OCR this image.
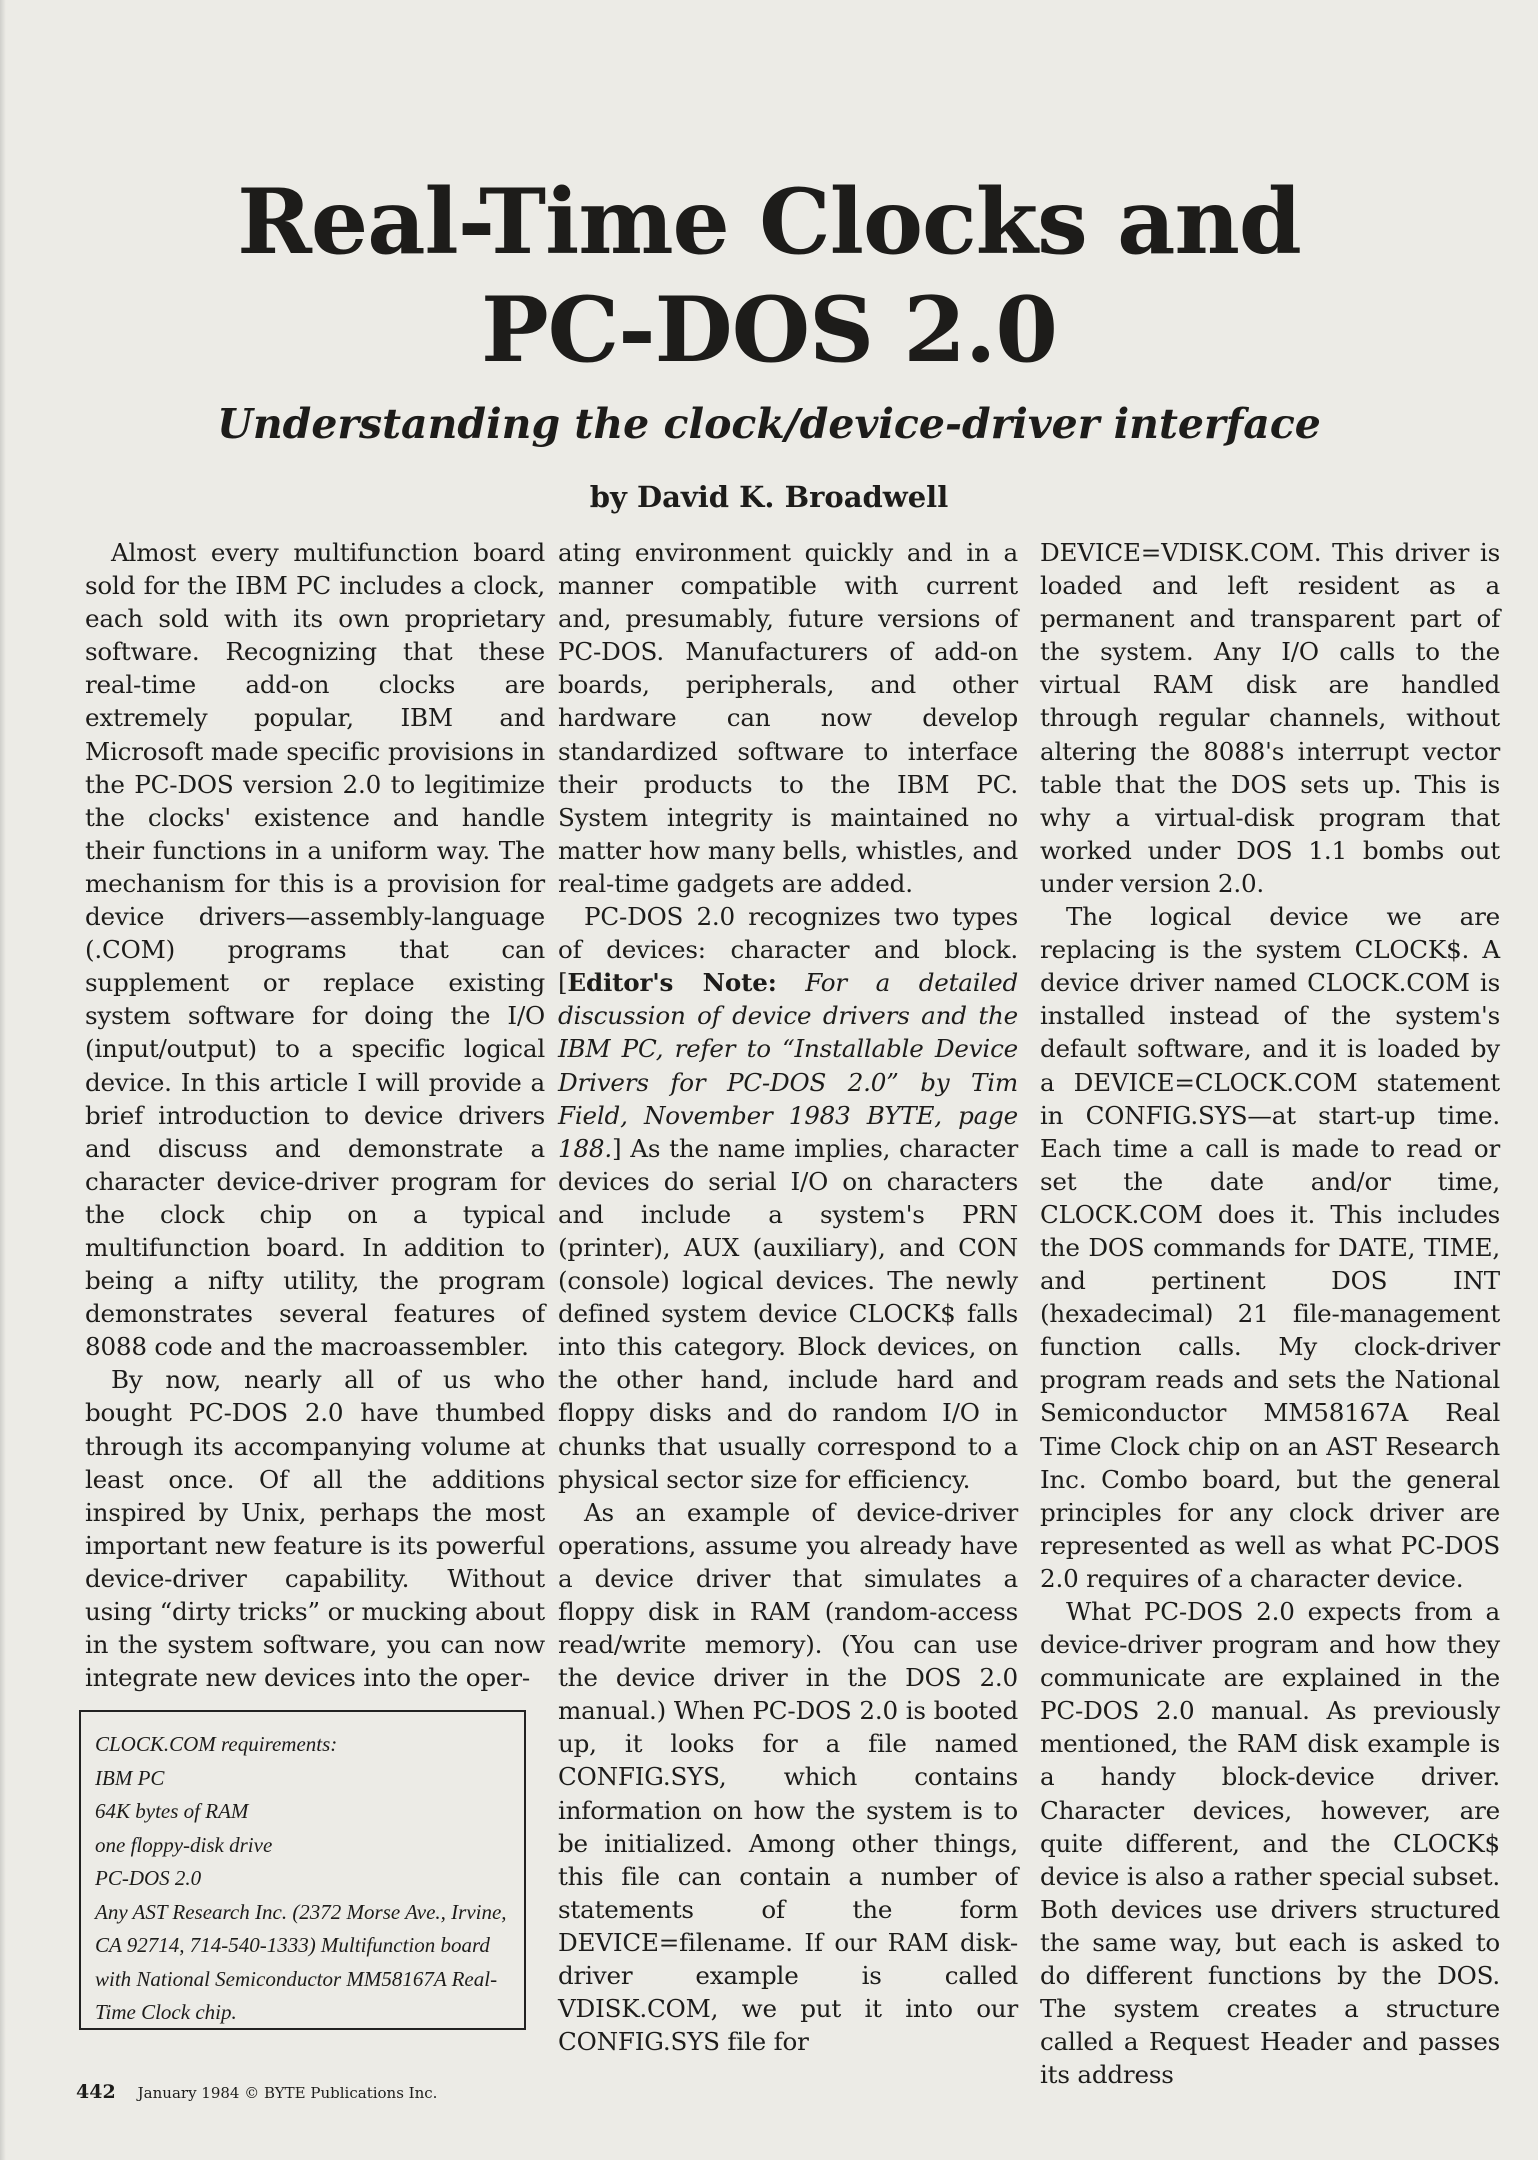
Real-Time Clocks and
PC-DOS 2.0
Understanding the clock/device-driver interface
by David K. Broadwell

Almost every multifunction board sold for the IBM PC includes a clock, each sold with its own proprietary software. Recognizing that these real-time add-on clocks are extremely popular, IBM and Microsoft made specific provisions in the PC-DOS version 2.0 to legitimize the clocks' existence and handle their functions in a uniform way. The mechanism for this is a provision for device drivers—assembly-language (.COM) programs that can supplement or replace existing system software for doing the I/O (input/output) to a specific logical device. In this article I will provide a brief introduction to device drivers and discuss and demonstrate a character device-driver program for the clock chip on a typical multifunction board. In addition to being a nifty utility, the program demonstrates several features of 8088 code and the macroassembler.

By now, nearly all of us who bought PC-DOS 2.0 have thumbed through its accompanying volume at least once. Of all the additions inspired by Unix, perhaps the most important new feature is its powerful device-driver capability. Without using “dirty tricks” or mucking about in the system software, you can now integrate new devices into the oper-

ating environment quickly and in a manner compatible with current and, presumably, future versions of PC-DOS. Manufacturers of add-on boards, peripherals, and other hardware can now develop standardized software to interface their products to the IBM PC. System integrity is maintained no matter how many bells, whistles, and real-time gadgets are added.

PC-DOS 2.0 recognizes two types of devices: character and block. [Editor's Note: For a detailed discussion of device drivers and the IBM PC, refer to “Installable Device Drivers for PC-DOS 2.0” by Tim Field, November 1983 BYTE, page 188.] As the name implies, character devices do serial I/O on characters and include a system's PRN (printer), AUX (auxiliary), and CON (console) logical devices. The newly defined system device CLOCK$ falls into this category. Block devices, on the other hand, include hard and floppy disks and do random I/O in chunks that usually correspond to a physical sector size for efficiency.

As an example of device-driver operations, assume you already have a device driver that simulates a floppy disk in RAM (random-access read/write memory). (You can use the device driver in the DOS 2.0 manual.) When PC-DOS 2.0 is booted up, it looks for a file named CONFIG.SYS, which contains information on how the system is to be initialized. Among other things, this file can contain a number of statements of the form DEVICE=filename. If our RAM disk-driver example is called VDISK.COM, we put it into our CONFIG.SYS file for

DEVICE=VDISK.COM. This driver is loaded and left resident as a permanent and transparent part of the system. Any I/O calls to the virtual RAM disk are handled through regular channels, without altering the 8088's interrupt vector table that the DOS sets up. This is why a virtual-disk program that worked under DOS 1.1 bombs out under version 2.0.

The logical device we are replacing is the system CLOCK$. A device driver named CLOCK.COM is installed instead of the system's default software, and it is loaded by a DEVICE=CLOCK.COM statement in CONFIG.SYS—at start-up time. Each time a call is made to read or set the date and/or time, CLOCK.COM does it. This includes the DOS commands for DATE, TIME, and pertinent DOS INT (hexadecimal) 21 file-management function calls. My clock-driver program reads and sets the National Semiconductor MM58167A Real Time Clock chip on an AST Research Inc. Combo board, but the general principles for any clock driver are represented as well as what PC-DOS 2.0 requires of a character device.

What PC-DOS 2.0 expects from a device-driver program and how they communicate are explained in the PC-DOS 2.0 manual. As previously mentioned, the RAM disk example is a handy block-device driver. Character devices, however, are quite different, and the CLOCK$ device is also a rather special subset. Both devices use drivers structured the same way, but each is asked to do different functions by the DOS. The system creates a structure called a Request Header and passes its address

CLOCK.COM requirements:
IBM PC
64K bytes of RAM
one floppy-disk drive
PC-DOS 2.0
Any AST Research Inc. (2372 Morse Ave., Irvine, CA 92714, 714-540-1333) Multifunction board with National Semiconductor MM58167A Real-Time Clock chip.
442 January 1984 © BYTE Publications Inc.
